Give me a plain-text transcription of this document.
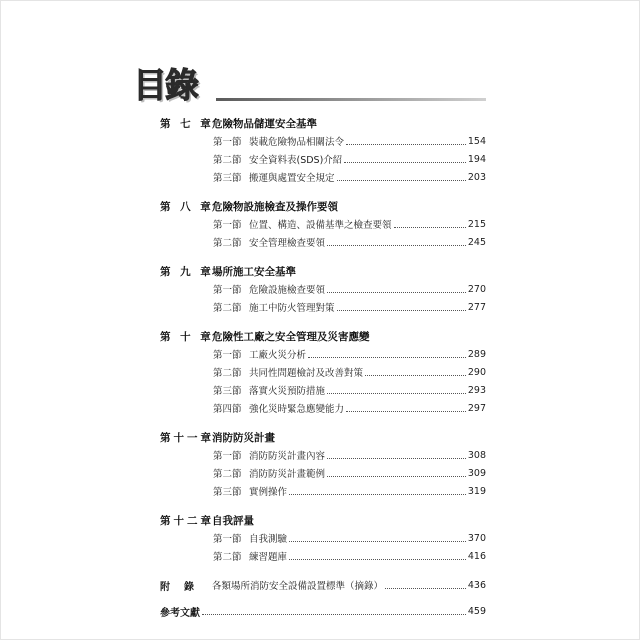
目錄
第 七 章
危險物品儲運安全基準
第一節 裝載危險物品相關法令	154
第二節 安全資料表(SDS)介紹	194
第三節 搬運與處置安全規定	203
第 八 章
危險物設施檢查及操作要領
第一節 位置、構造、設備基準之檢查要領	215
第二節 安全管理檢查要領	245
第 九 章
場所施工安全基準
第一節 危險設施檢查要領	270
第二節 施工中防火管理對策	277
第 十 章
危險性工廠之安全管理及災害應變
第一節 工廠火災分析	289
第二節 共同性問題檢討及改善對策	290
第三節 落實火災預防措施	293
第四節 強化災時緊急應變能力	297
第十一章
消防防災計畫
第一節 消防防災計畫內容	308
第二節 消防防災計畫範例	309
第三節 實例操作	319
第十二章
自我評量
第一節 自我測驗	370
第二節 練習題庫	416
附錄 各類場所消防安全設備設置標準（摘錄）	436
參考文獻	459
